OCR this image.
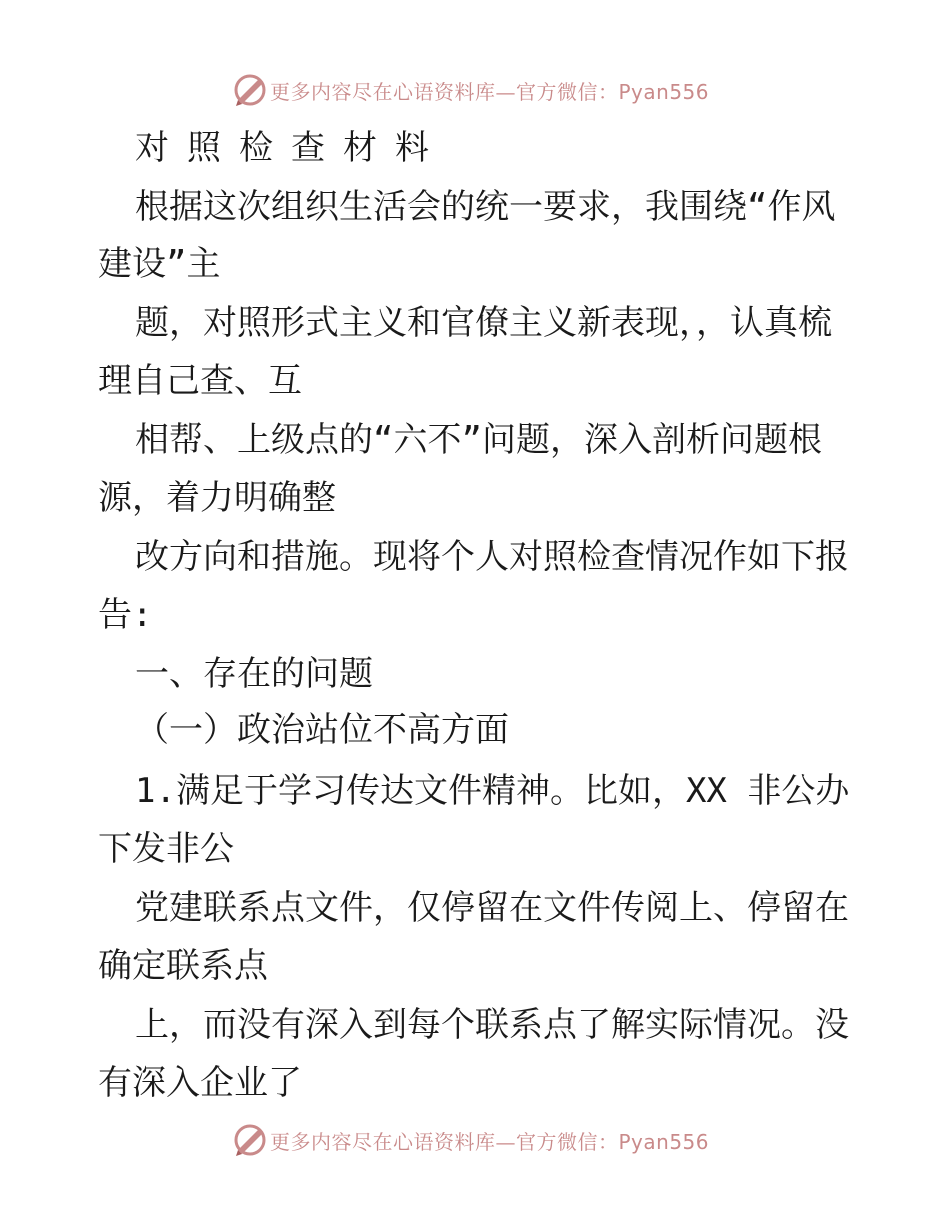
更多内容尽在心语资料库—官方微信：Pyan556
对照检查材料
根据这次组织生活会的统一要求，我围绕“作风
建设”主
题，对照形式主义和官僚主义新表现，，认真梳
理自己查、互
相帮、上级点的“六不”问题，深入剖析问题根
源，着力明确整
改方向和措施。现将个人对照检查情况作如下报
告:
一、存在的问题
（一）政治站位不高方面
1.满足于学习传达文件精神。比如，XX 非公办
下发非公
党建联系点文件，仅停留在文件传阅上、停留在
确定联系点
上，而没有深入到每个联系点了解实际情况。没
有深入企业了
更多内容尽在心语资料库—官方微信：Pyan556
